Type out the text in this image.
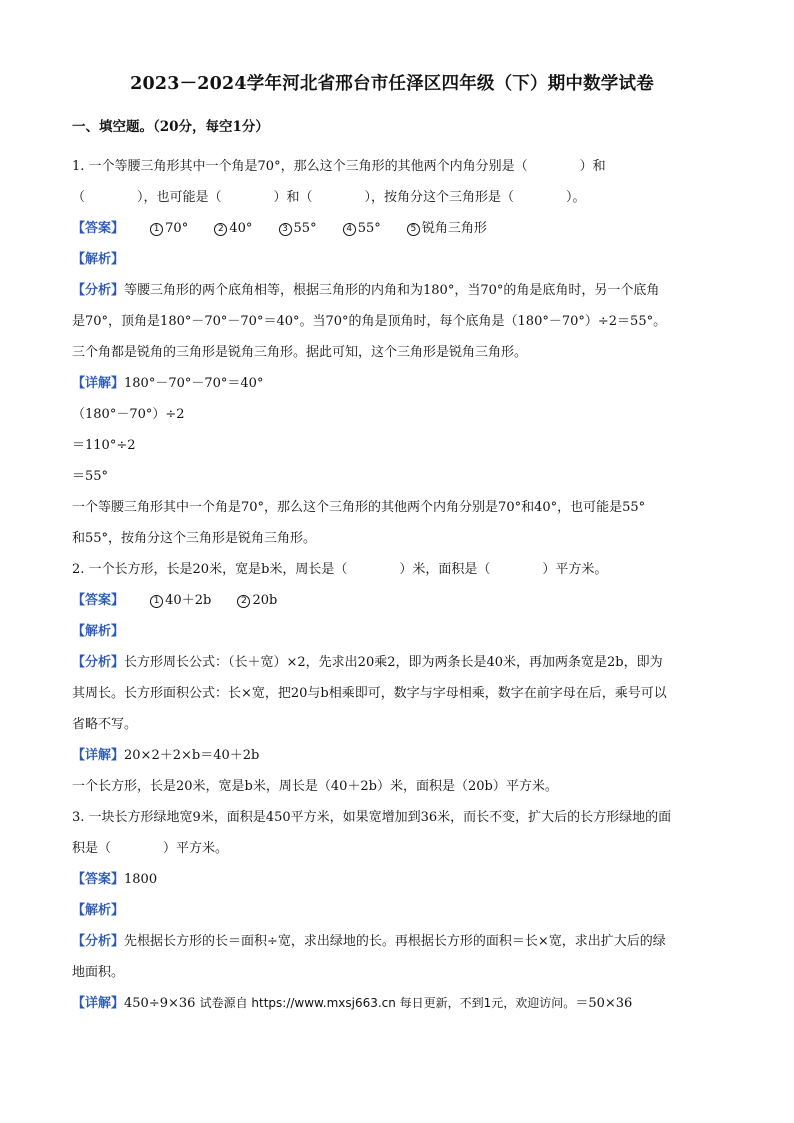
2023－2024学年河北省邢台市任泽区四年级（下）期中数学试卷
一、填空题。（20分，每空1分）
1. 一个等腰三角形其中一个角是70°，那么这个三角形的其他两个内角分别是（　　　　）和
（　　　　），也可能是（　　　　）和（　　　　），按角分这个三角形是（　　　　）。
【答案】	1 70°	2 40°	3 55°	4 55°	5 锐角三角形
【解析】
【分析】等腰三角形的两个底角相等，根据三角形的内角和为180°，当70°的角是底角时，另一个底角
是70°，顶角是180°－70°－70°＝40°。当70°的角是顶角时，每个底角是（180°－70°）÷2＝55°。
三个角都是锐角的三角形是锐角三角形。据此可知，这个三角形是锐角三角形。
【详解】180°－70°－70°＝40°
（180°－70°）÷2
＝110°÷2
＝55°
一个等腰三角形其中一个角是70°，那么这个三角形的其他两个内角分别是70°和40°，也可能是55°
和55°，按角分这个三角形是锐角三角形。
2. 一个长方形，长是20米，宽是b米，周长是（　　　　）米，面积是（　　　　）平方米。
【答案】	1 40＋2b	2 20b
【解析】
【分析】长方形周长公式：（长＋宽）×2，先求出20乘2，即为两条长是40米，再加两条宽是2b，即为
其周长。长方形面积公式：长×宽，把20与b相乘即可，数字与字母相乘，数字在前字母在后，乘号可以
省略不写。
【详解】20×2＋2×b＝40＋2b
一个长方形，长是20米，宽是b米，周长是（40＋2b）米，面积是（20b）平方米。
3. 一块长方形绿地宽9米，面积是450平方米，如果宽增加到36米，而长不变，扩大后的长方形绿地的面
积是（　　　　）平方米。
【答案】1800
【解析】
【分析】先根据长方形的长＝面积÷宽，求出绿地的长。再根据长方形的面积＝长×宽，求出扩大后的绿
地面积。
【详解】450÷9×36 试卷源自 https://www.mxsj663.cn 每日更新，不到1元，欢迎访问。＝50×36
